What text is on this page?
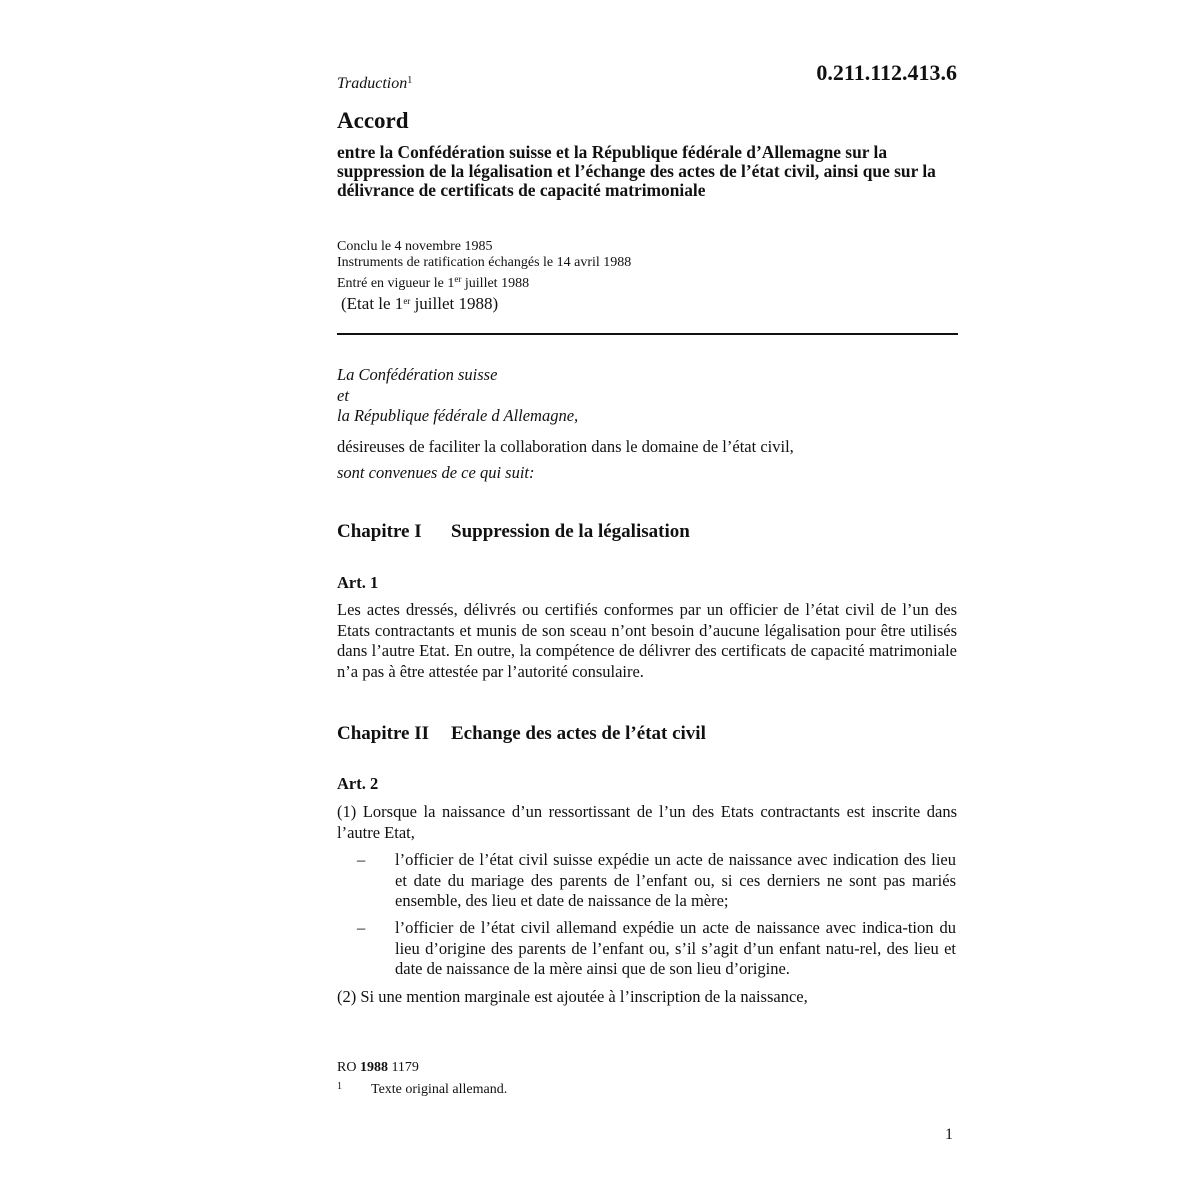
Traduction$^1$	0.211.112.413.6
Accord
entre la Confédération suisse et la République fédérale d’Allemagne sur la suppression de la légalisation et l’échange des actes de l’état civil, ainsi que sur la délivrance de certificats de capacité matrimoniale
Conclu le 4 novembre 1985
Instruments de ratification échangés le 14 avril 1988
Entré en vigueur le 1er juillet 1988
(Etat le 1er juillet 1988)
La Confédération suisse
et
la République fédérale d Allemagne,
désireuses de faciliter la collaboration dans le domaine de l’état civil,
sont convenues de ce qui suit:
Chapitre I Suppression de la légalisation
Art. 1
Les actes dressés, délivrés ou certifiés conformes par un officier de l’état civil de l’un des Etats contractants et munis de son sceau n’ont besoin d’aucune légalisation pour être utilisés dans l’autre Etat. En outre, la compétence de délivrer des certificats de capacité matrimoniale n’a pas à être attestée par l’autorité consulaire.
Chapitre II Echange des actes de l’état civil
Art. 2
(1) Lorsque la naissance d’un ressortissant de l’un des Etats contractants est inscrite dans l’autre Etat,
– l’officier de l’état civil suisse expédie un acte de naissance avec indication des lieu et date du mariage des parents de l’enfant ou, si ces derniers ne sont pas mariés ensemble, des lieu et date de naissance de la mère;
– l’officier de l’état civil allemand expédie un acte de naissance avec indica-tion du lieu d’origine des parents de l’enfant ou, s’il s’agit d’un enfant natu-rel, des lieu et date de naissance de la mère ainsi que de son lieu d’origine.
(2) Si une mention marginale est ajoutée à l’inscription de la naissance,
RO 1988 1179
1 Texte original allemand.
1
